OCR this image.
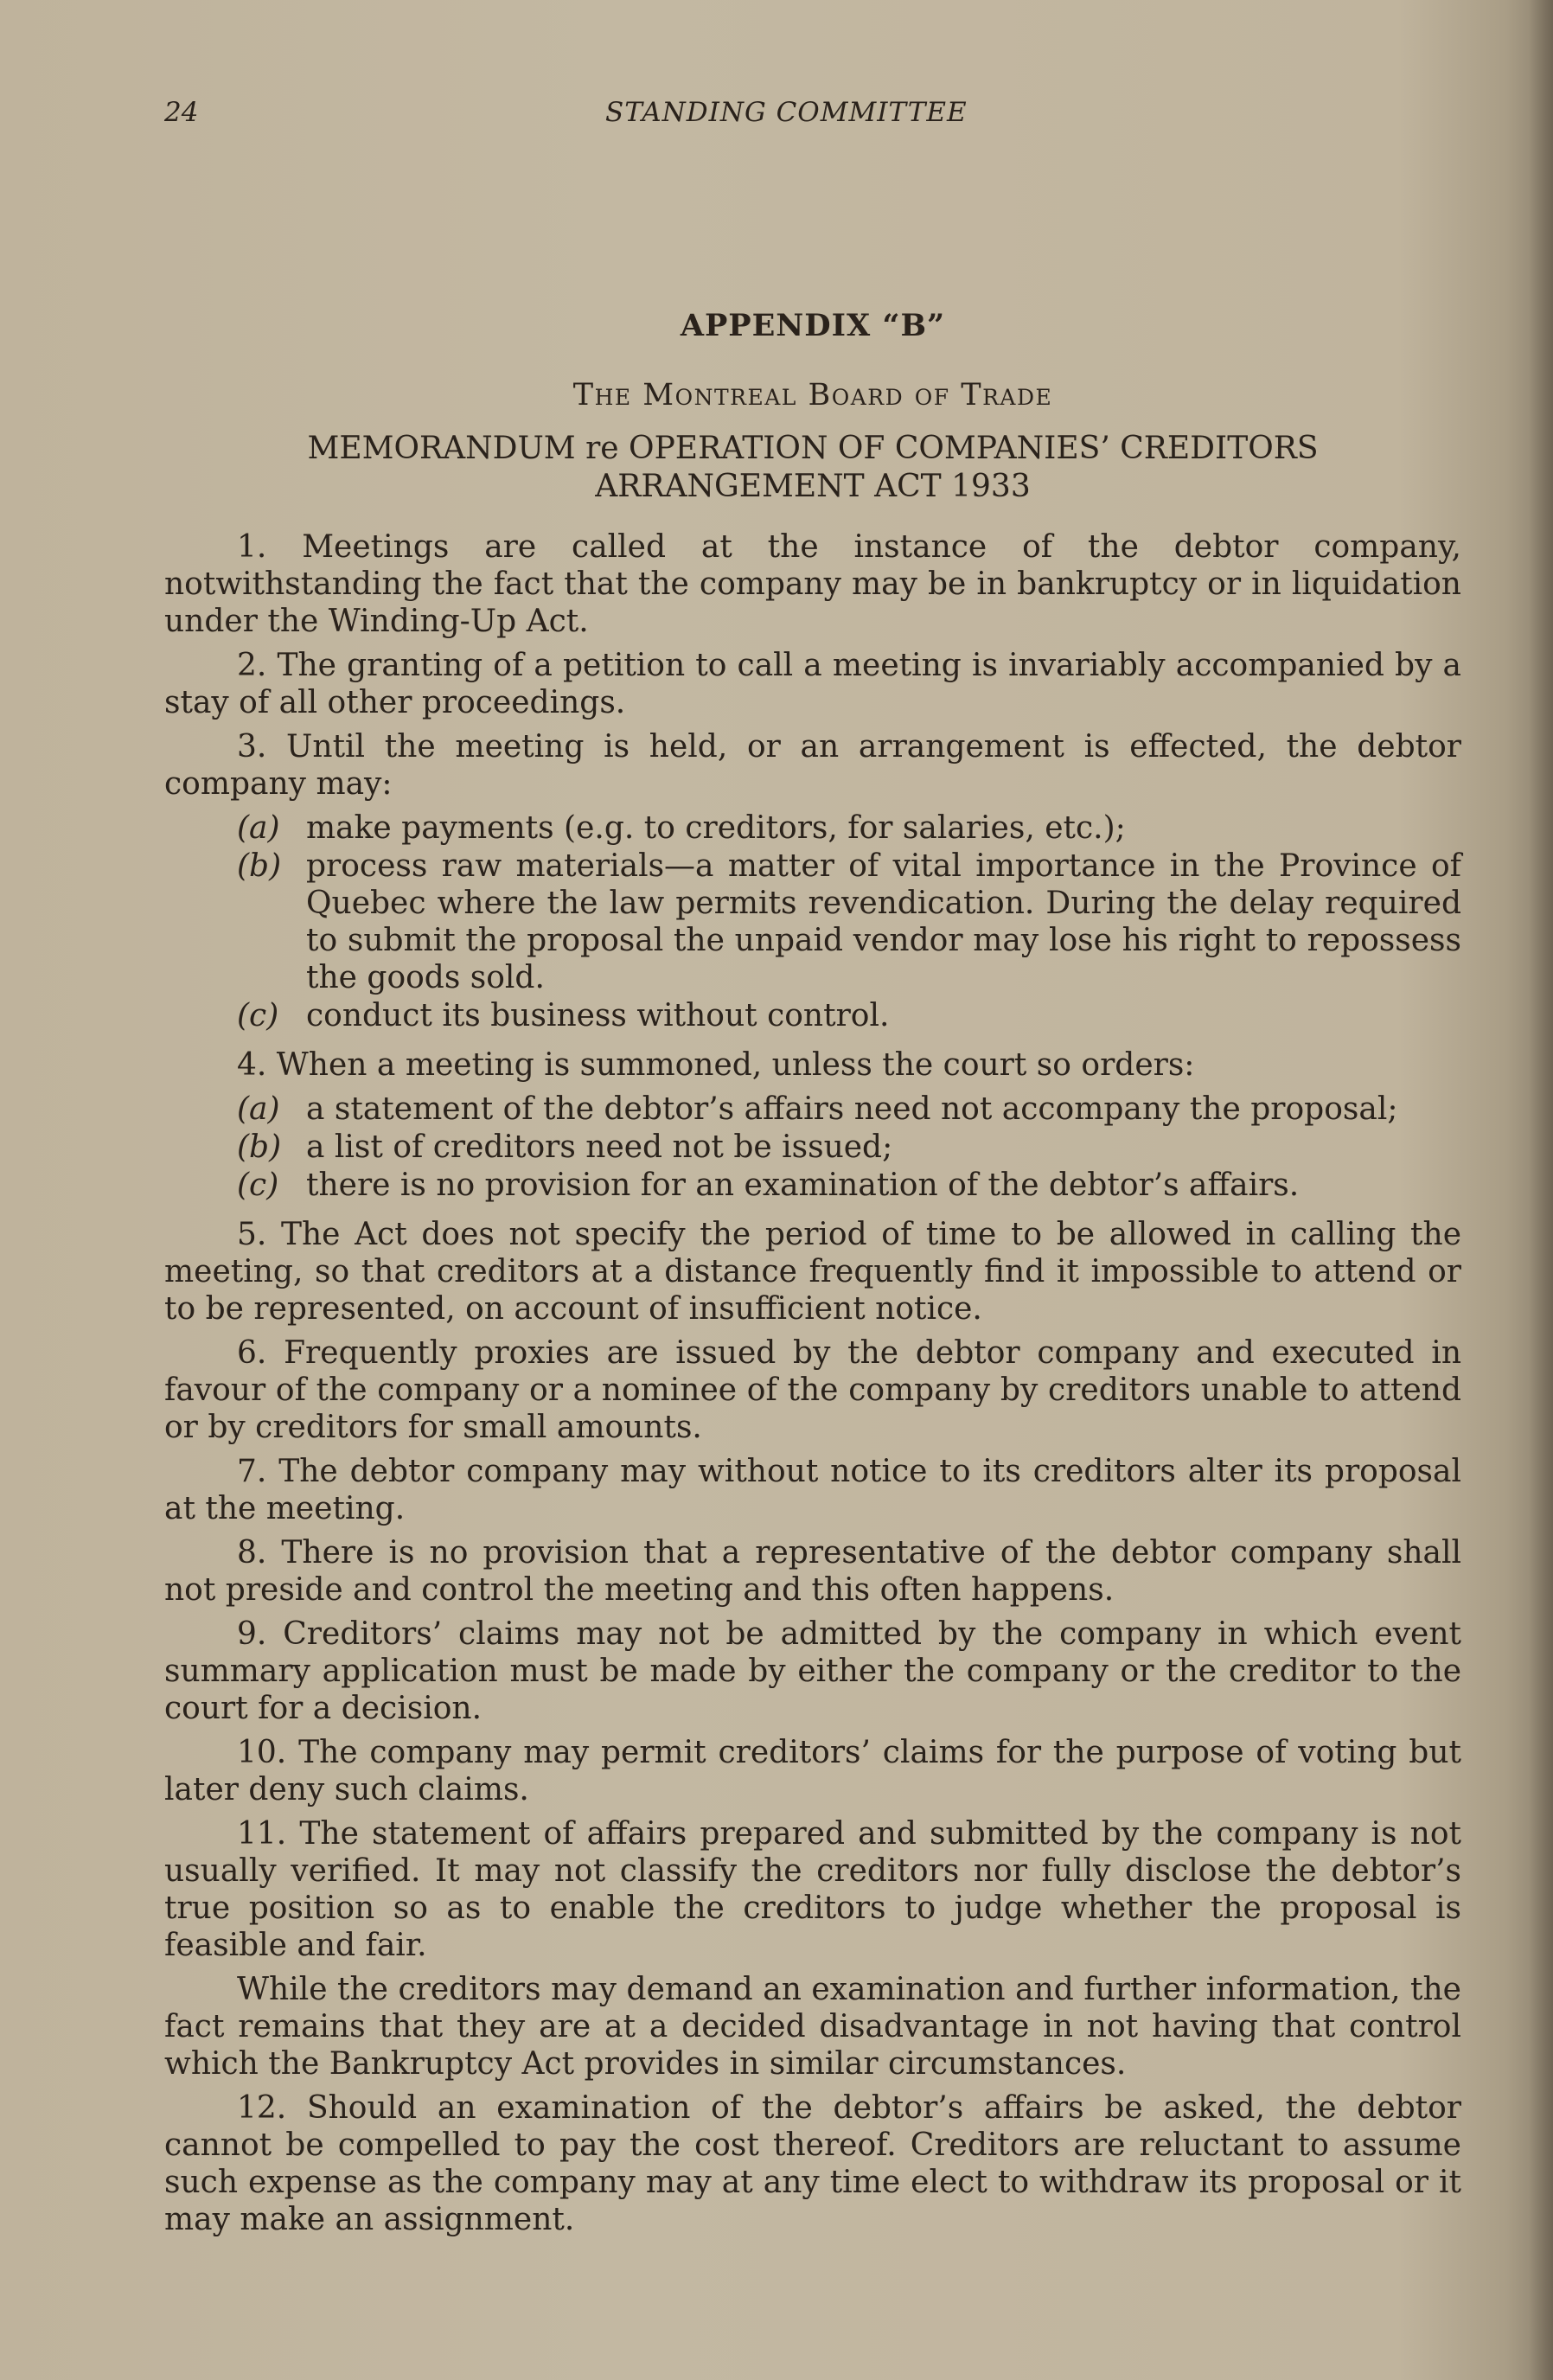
24	STANDING COMMITTEE
APPENDIX “B”
The Montreal Board of Trade
MEMORANDUM re OPERATION OF COMPANIES’ CREDITORS ARRANGEMENT ACT 1933

1. Meetings are called at the instance of the debtor company, notwithstanding the fact that the company may be in bankruptcy or in liquidation under the Winding-Up Act.

2. The granting of a petition to call a meeting is invariably accompanied by a stay of all other proceedings.

3. Until the meeting is held, or an arrangement is effected, the debtor company may:

(a) make payments (e.g. to creditors, for salaries, etc.);
(b) process raw materials—a matter of vital importance in the Province of Quebec where the law permits revendication. During the delay required to submit the proposal the unpaid vendor may lose his right to repossess the goods sold.
(c) conduct its business without control.

4. When a meeting is summoned, unless the court so orders:

(a) a statement of the debtor’s affairs need not accompany the proposal;
(b) a list of creditors need not be issued;
(c) there is no provision for an examination of the debtor’s affairs.

5. The Act does not specify the period of time to be allowed in calling the meeting, so that creditors at a distance frequently find it impossible to attend or to be represented, on account of insufficient notice.

6. Frequently proxies are issued by the debtor company and executed in favour of the company or a nominee of the company by creditors unable to attend or by creditors for small amounts.

7. The debtor company may without notice to its creditors alter its proposal at the meeting.

8. There is no provision that a representative of the debtor company shall not preside and control the meeting and this often happens.

9. Creditors’ claims may not be admitted by the company in which event summary application must be made by either the company or the creditor to the court for a decision.

10. The company may permit creditors’ claims for the purpose of voting but later deny such claims.

11. The statement of affairs prepared and submitted by the company is not usually verified. It may not classify the creditors nor fully disclose the debtor’s true position so as to enable the creditors to judge whether the proposal is feasible and fair.

While the creditors may demand an examination and further information, the fact remains that they are at a decided disadvantage in not having that control which the Bankruptcy Act provides in similar circumstances.

12. Should an examination of the debtor’s affairs be asked, the debtor cannot be compelled to pay the cost thereof. Creditors are reluctant to assume such expense as the company may at any time elect to withdraw its proposal or it may make an assignment.
